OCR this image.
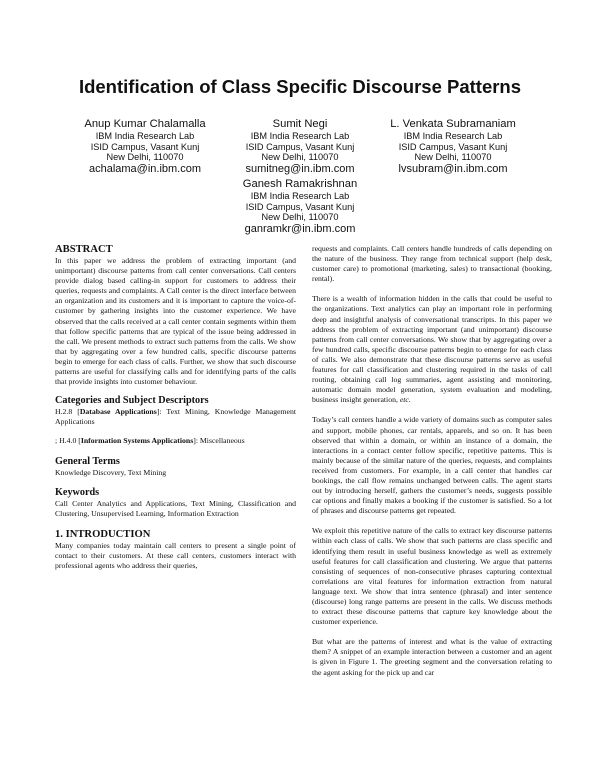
Identification of Class Specific Discourse Patterns
Anup Kumar Chalamalla
IBM India Research Lab
ISID Campus, Vasant Kunj
New Delhi, 110070
achalama@in.ibm.com
Sumit Negi
IBM India Research Lab
ISID Campus, Vasant Kunj
New Delhi, 110070
sumitneg@in.ibm.com
L. Venkata Subramaniam
IBM India Research Lab
ISID Campus, Vasant Kunj
New Delhi, 110070
lvsubram@in.ibm.com
Ganesh Ramakrishnan
IBM India Research Lab
ISID Campus, Vasant Kunj
New Delhi, 110070
ganramkr@in.ibm.com
ABSTRACT

In this paper we address the problem of extracting important (and unimportant) discourse patterns from call center conversations. Call centers provide dialog based calling-in support for customers to address their queries, requests and complaints. A Call center is the direct interface between an organization and its customers and it is important to capture the voice-of-customer by gathering insights into the customer experience. We have observed that the calls received at a call center contain segments within them that follow specific patterns that are typical of the issue being addressed in the call. We present methods to extract such patterns from the calls. We show that by aggregating over a few hundred calls, specific discourse patterns begin to emerge for each class of calls. Further, we show that such discourse patterns are useful for classifying calls and for identifying parts of the calls that provide insights into customer behaviour.

Categories and Subject Descriptors

H.2.8 [Database Applications]: Text Mining, Knowledge Management Applications

; H.4.0 [Information Systems Applications]: Miscellaneous

General Terms

Knowledge Discovery, Text Mining

Keywords

Call Center Analytics and Applications, Text Mining, Classification and Clustering, Unsupervised Learning, Information Extraction

1. INTRODUCTION

Many companies today maintain call centers to present a single point of contact to their customers. At these call centers, customers interact with professional agents who address their queries,

requests and complaints. Call centers handle hundreds of calls depending on the nature of the business. They range from technical support (help desk, customer care) to promotional (marketing, sales) to transactional (booking, rental).

There is a wealth of information hidden in the calls that could be useful to the organizations. Text analytics can play an important role in performing deep and insightful analysis of conversational transcripts. In this paper we address the problem of extracting important (and unimportant) discourse patterns from call center conversations. We show that by aggregating over a few hundred calls, specific discourse patterns begin to emerge for each class of calls. We also demonstrate that these discourse patterns serve as useful features for call classification and clustering required in the tasks of call routing, obtaining call log summaries, agent assisting and monitoring, automatic domain model generation, system evaluation and modeling, business insight generation, etc.

Today’s call centers handle a wide variety of domains such as computer sales and support, mobile phones, car rentals, apparels, and so on. It has been observed that within a domain, or within an instance of a domain, the interactions in a contact center follow specific, repetitive patterns. This is mainly because of the similar nature of the queries, requests, and complaints received from customers. For example, in a call center that handles car bookings, the call flow remains unchanged between calls. The agent starts out by introducing herself, gathers the customer’s needs, suggests possible car options and finally makes a booking if the customer is satisfied. So a lot of phrases and discourse patterns get repeated.

We exploit this repetitive nature of the calls to extract key discourse patterns within each class of calls. We show that such patterns are class specific and identifying them result in useful business knowledge as well as extremely useful features for call classification and clustering. We argue that patterns consisting of sequences of non-consecutive phrases capturing contextual correlations are vital features for information extraction from natural language text. We show that intra sentence (phrasal) and inter sentence (discourse) long range patterns are present in the calls. We discuss methods to extract these discourse patterns that capture key knowledge about the customer experience.

But what are the patterns of interest and what is the value of extracting them? A snippet of an example interaction between a customer and an agent is given in Figure 1. The greeting segment and the conversation relating to the agent asking for the pick up and car
